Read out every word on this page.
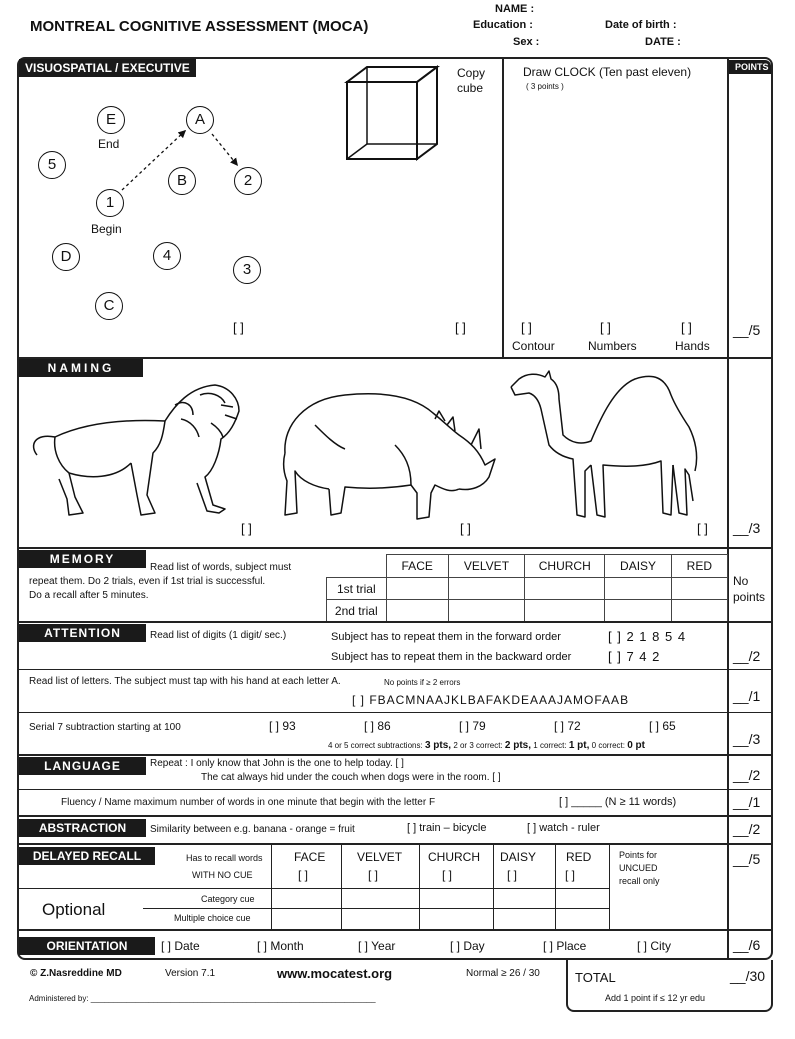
MONTREAL COGNITIVE ASSESSMENT (MOCA)
NAME :
Education :
Sex :
Date of birth :
DATE :
POINTS
VISUOSPATIAL / EXECUTIVE
E
End
A
5
B	2
1
Begin
D	4
3
C
[ ]
Copy
cube
[ ]
Draw CLOCK (Ten past eleven)
( 3 points )
[ ]
Contour
[ ]
Numbers
[ ]
Hands
__/5
NAMING
[ ]	[ ]	[ ] __/3
MEMORY
Read list of words, subject must
repeat them. Do 2 trials, even if 1st trial is successful.
Do a recall after 5 minutes.
	FACE	VELVET	CHURCH	DAISY	RED
1st trial					
2nd trial					
No
points
ATTENTION	Read list of digits (1 digit/ sec.)	Subject has to repeat them in the forward order	[ ] 2 1 8 5 4
Subject has to repeat them in the backward order	[ ] 7 4 2	__/2
Read list of letters. The subject must tap with his hand at each letter A.	No points if ≥ 2 errors
[ ] FBACMNAAJKLBAFAKDEAAAJAMOFAAB	__/1
Serial 7 subtraction starting at 100	[ ] 93	[ ] 86	[ ] 79	[ ] 72	[ ] 65
4 or 5 correct subtractions: 3 pts, 2 or 3 correct: 2 pts, 1 correct: 1 pt, 0 correct: 0 pt	__/3
LANGUAGE	Repeat : I only know that John is the one to help today. [ ]
The cat always hid under the couch when dogs were in the room. [ ]	__/2
Fluency / Name maximum number of words in one minute that begin with the letter F	[ ] _____ (N ≥ 11 words)	__/1
ABSTRACTION	Similarity between e.g. banana - orange = fruit	[ ] train – bicycle	[ ] watch - ruler	__/2
DELAYED RECALL	Has to recall words
WITH NO CUE
FACE	VELVET CHURCH DAISY RED
[ ]	[ ]	[ ]	[ ]	[ ]
Points for
UNCUED
recall only
__/5
Optional
Category cue
Multiple choice cue
ORIENTATION	[ ] Date	[ ] Month	[ ] Year	[ ] Day	[ ] Place	[ ] City	__/6
© Z.Nasreddine MD	Version 7.1	www.mocatest.org	Normal ≥ 26 / 30	TOTAL	__/30
Add 1 point if ≤ 12 yr edu
Administered by: ________________________________________________________________
